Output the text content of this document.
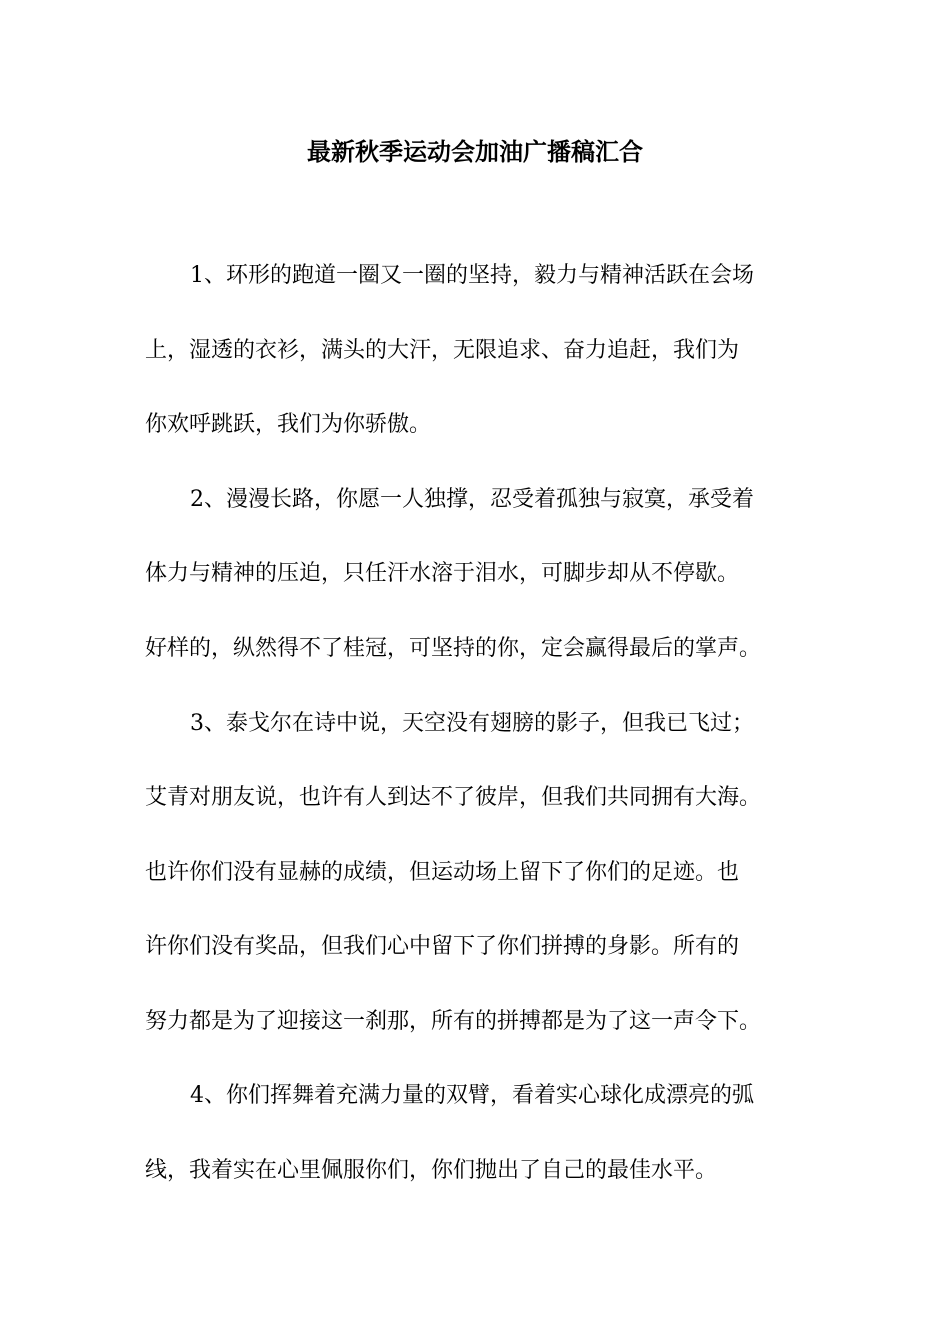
最新秋季运动会加油广播稿汇合

1、环形的跑道一圈又一圈的坚持，毅力与精神活跃在会场

上，湿透的衣衫，满头的大汗，无限追求、奋力追赶，我们为

你欢呼跳跃，我们为你骄傲。

2、漫漫长路，你愿一人独撑，忍受着孤独与寂寞，承受着

体力与精神的压迫，只任汗水溶于泪水，可脚步却从不停歇。

好样的，纵然得不了桂冠，可坚持的你，定会赢得最后的掌声。

3、泰戈尔在诗中说，天空没有翅膀的影子，但我已飞过；

艾青对朋友说，也许有人到达不了彼岸，但我们共同拥有大海。

也许你们没有显赫的成绩，但运动场上留下了你们的足迹。也

许你们没有奖品，但我们心中留下了你们拼搏的身影。所有的

努力都是为了迎接这一刹那，所有的拼搏都是为了这一声令下。

4、你们挥舞着充满力量的双臂，看着实心球化成漂亮的弧

线，我着实在心里佩服你们，你们抛出了自己的最佳水平。
